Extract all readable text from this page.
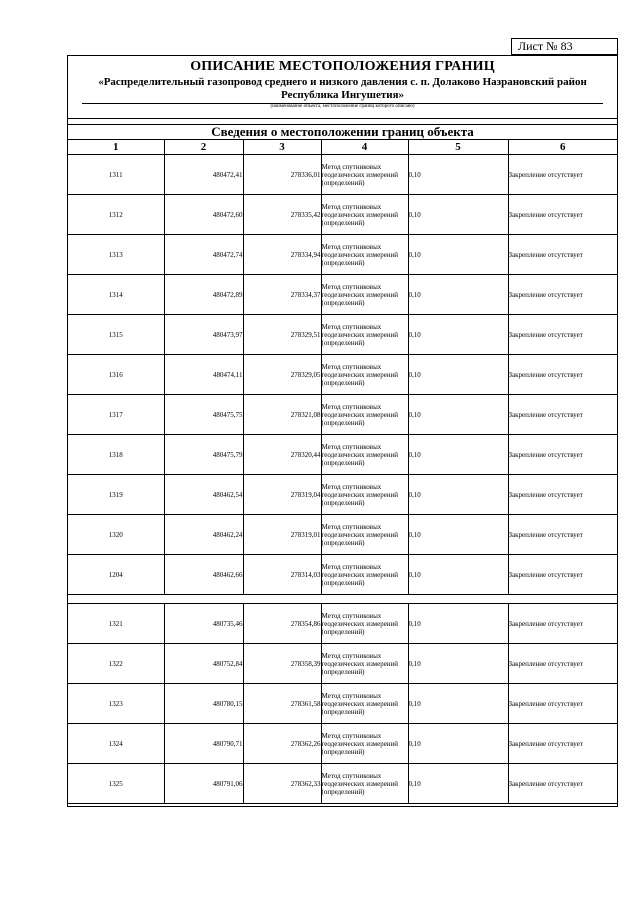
Лист № 83
ОПИСАНИЕ МЕСТОПОЛОЖЕНИЯ ГРАНИЦ
«Распределительный газопровод среднего и низкого давления с. п. Долаково Назрановский район Республика Ингушетия»
(наименование объекта, местоположение границ которого описано)
Сведения о местоположении границ объекта
1	2	3	4	5	6
1311	480472,41	278336,01	Метод спутниковых геодезических измерений (определений)	0,10	Закрепление отсутствует
1312	480472,60	278335,42	Метод спутниковых геодезических измерений (определений)	0,10	Закрепление отсутствует
1313	480472,74	278334,94	Метод спутниковых геодезических измерений (определений)	0,10	Закрепление отсутствует
1314	480472,89	278334,37	Метод спутниковых геодезических измерений (определений)	0,10	Закрепление отсутствует
1315	480473,97	278329,51	Метод спутниковых геодезических измерений (определений)	0,10	Закрепление отсутствует
1316	480474,11	278329,05	Метод спутниковых геодезических измерений (определений)	0,10	Закрепление отсутствует
1317	480475,75	278321,08	Метод спутниковых геодезических измерений (определений)	0,10	Закрепление отсутствует
1318	480475,79	278320,44	Метод спутниковых геодезических измерений (определений)	0,10	Закрепление отсутствует
1319	480462,54	278319,04	Метод спутниковых геодезических измерений (определений)	0,10	Закрепление отсутствует
1320	480462,24	278319,01	Метод спутниковых геодезических измерений (определений)	0,10	Закрепление отсутствует
1204	480462,66	278314,03	Метод спутниковых геодезических измерений (определений)	0,10	Закрепление отсутствует

1321	480735,46	278354,86	Метод спутниковых геодезических измерений (определений)	0,10	Закрепление отсутствует
1322	480752,84	278358,39	Метод спутниковых геодезических измерений (определений)	0,10	Закрепление отсутствует
1323	480780,15	278361,58	Метод спутниковых геодезических измерений (определений)	0,10	Закрепление отсутствует
1324	480790,71	278362,26	Метод спутниковых геодезических измерений (определений)	0,10	Закрепление отсутствует
1325	480791,06	278362,33	Метод спутниковых геодезических измерений (определений)	0,10	Закрепление отсутствует
